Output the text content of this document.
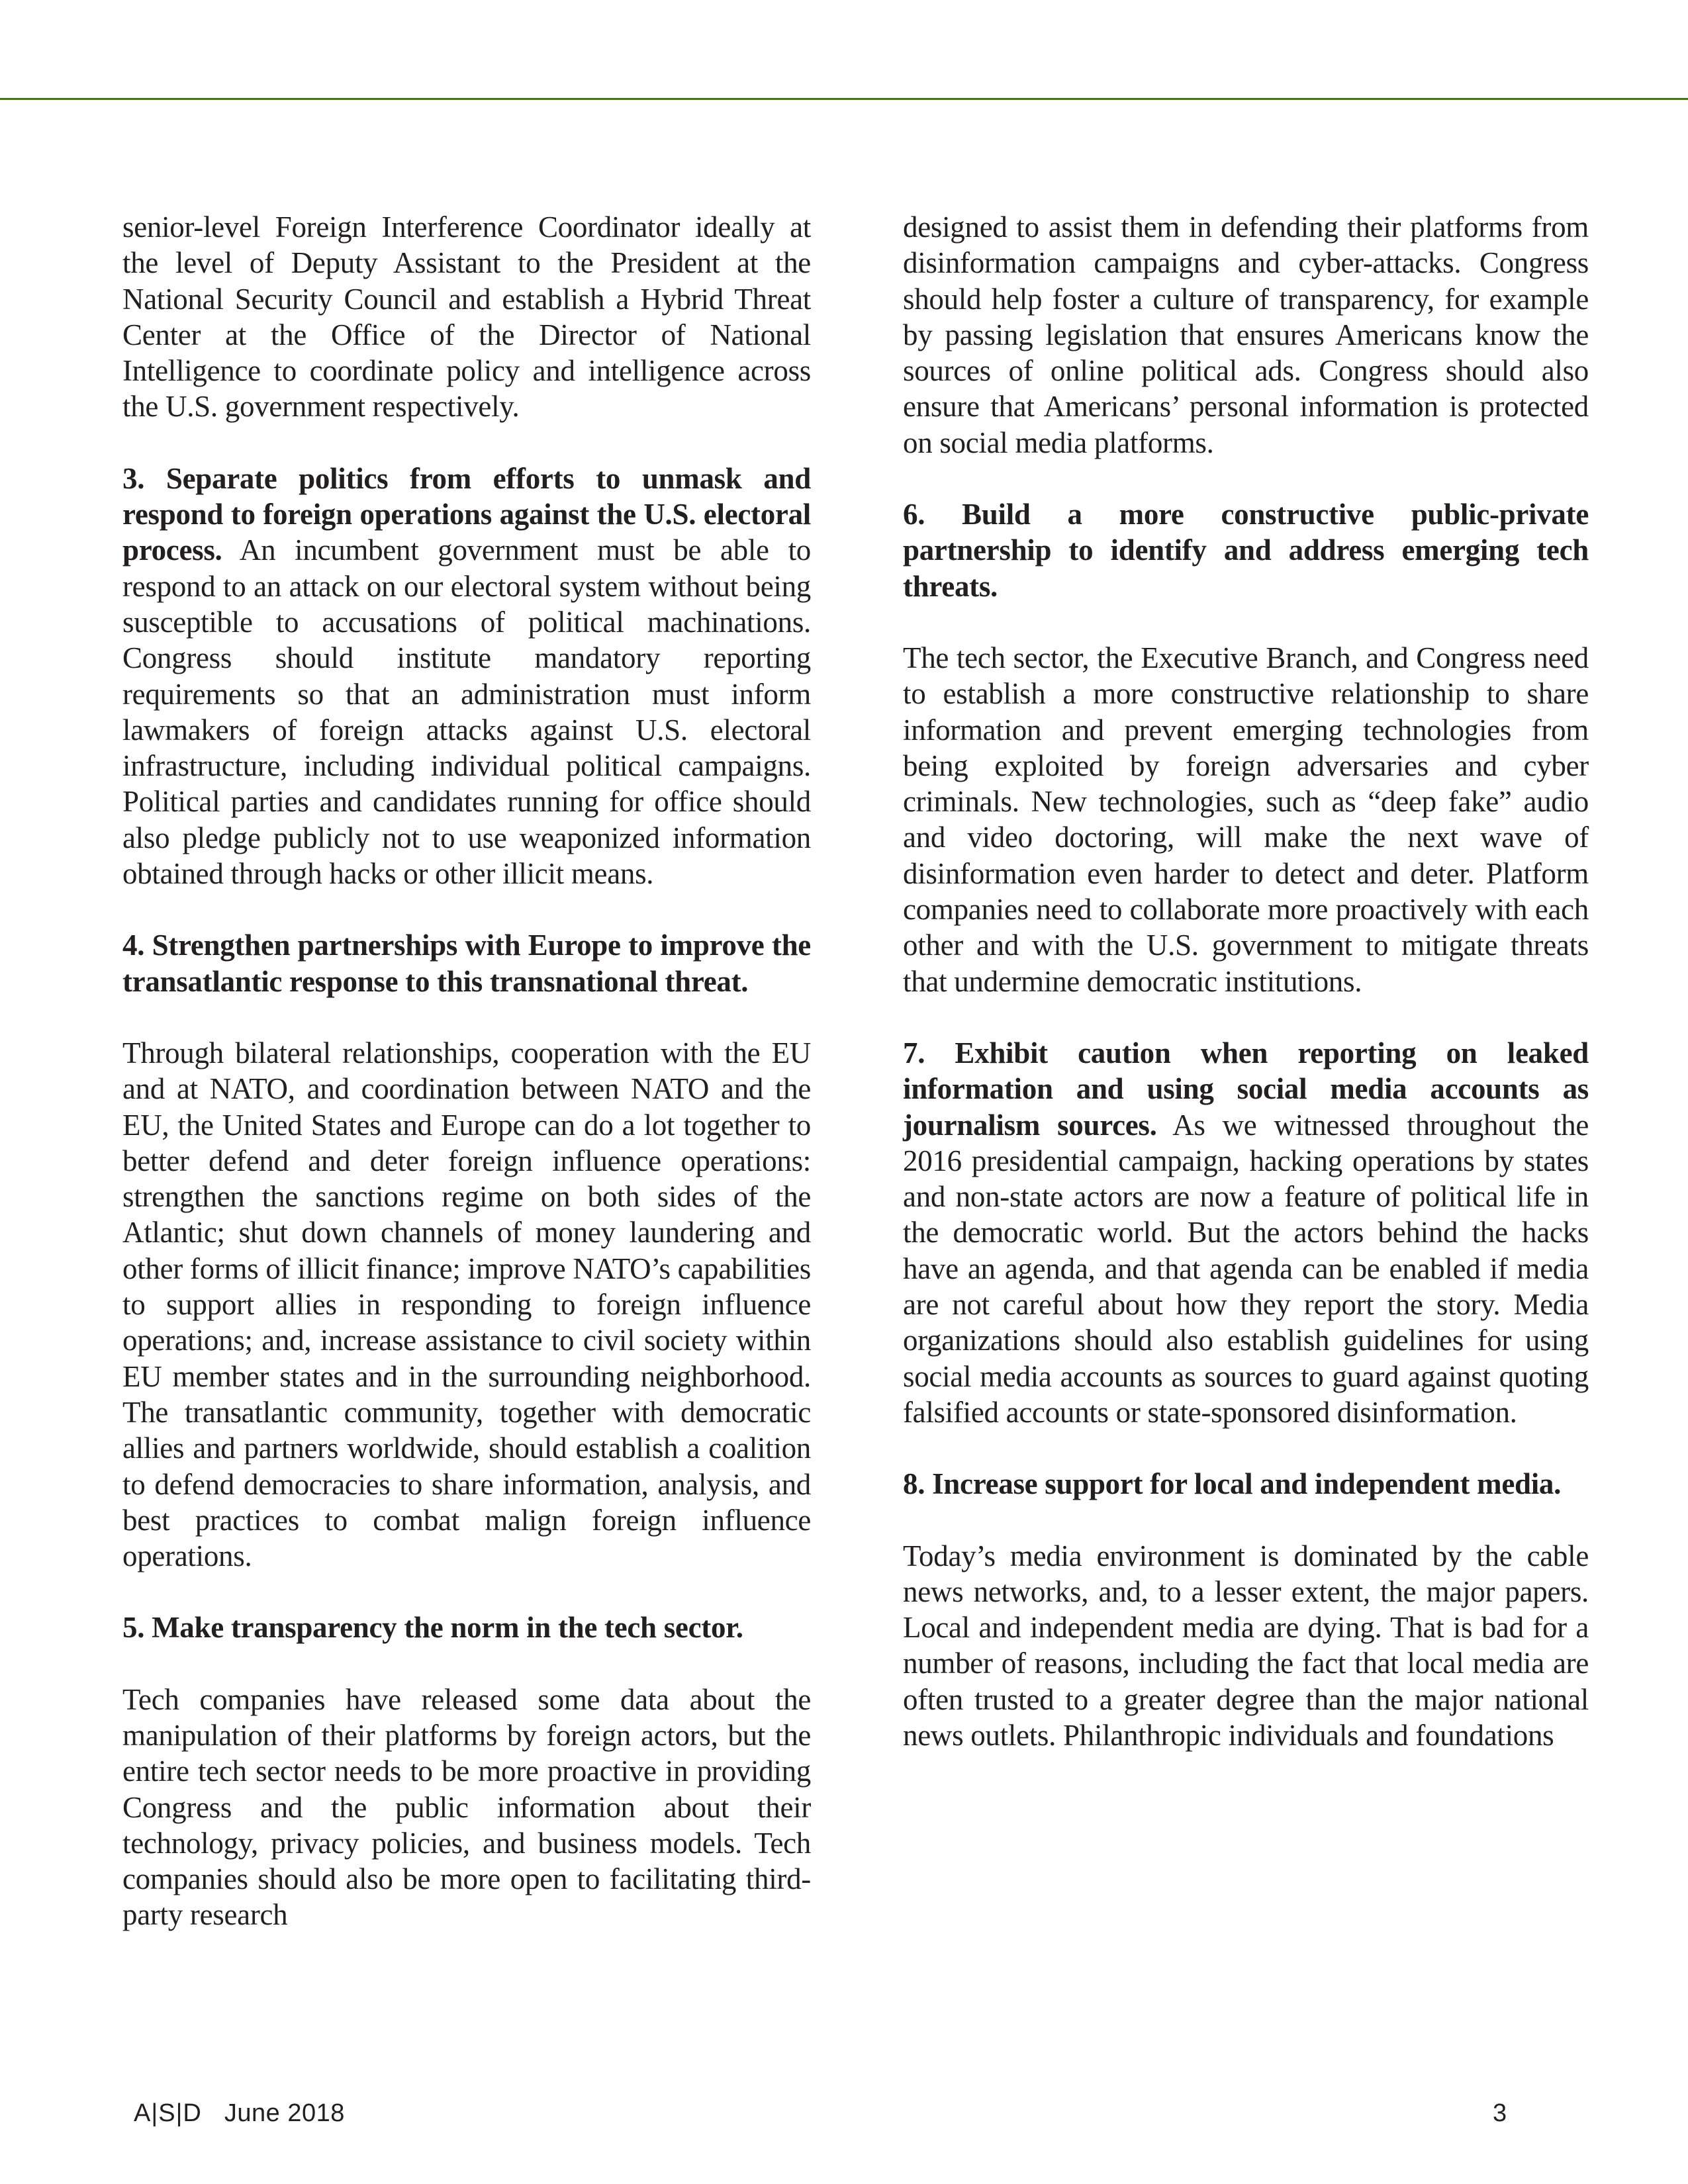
senior-level Foreign Interference Coordinator ideally at the level of Deputy Assistant to the President at the National Security Council and establish a Hybrid Threat Center at the Office of the Director of National Intelligence to coordinate policy and intelligence across the U.S. government respectively.

3. Separate politics from efforts to unmask and respond to foreign operations against the U.S. electoral process. An incumbent government must be able to respond to an attack on our electoral system without being susceptible to accusations of political machinations. Congress should institute mandatory reporting requirements so that an administration must inform lawmakers of foreign attacks against U.S. electoral infrastructure, including individual political campaigns. Political parties and candidates running for office should also pledge publicly not to use weaponized information obtained through hacks or other illicit means.

4. Strengthen partnerships with Europe to improve the transatlantic response to this transnational threat.

Through bilateral relationships, cooperation with the EU and at NATO, and coordination between NATO and the EU, the United States and Europe can do a lot together to better defend and deter foreign influence operations: strengthen the sanctions regime on both sides of the Atlantic; shut down channels of money laundering and other forms of illicit finance; improve NATO’s capabilities to support allies in responding to foreign influence operations; and, increase assistance to civil society within EU member states and in the surrounding neighborhood. The transatlantic community, together with democratic allies and partners worldwide, should establish a coalition to defend democracies to share information, analysis, and best practices to combat malign foreign influence operations.

5. Make transparency the norm in the tech sector.

Tech companies have released some data about the manipulation of their platforms by foreign actors, but the entire tech sector needs to be more proactive in providing Congress and the public information about their technology, privacy policies, and business models. Tech companies should also be more open to facilitating third-party research

designed to assist them in defending their platforms from disinformation campaigns and cyber-attacks. Congress should help foster a culture of transparency, for example by passing legislation that ensures Americans know the sources of online political ads. Congress should also ensure that Americans’ personal information is protected on social media platforms.

6. Build a more constructive public-private partnership to identify and address emerging tech threats.

The tech sector, the Executive Branch, and Congress need to establish a more constructive relationship to share information and prevent emerging technologies from being exploited by foreign adversaries and cyber criminals. New technologies, such as “deep fake” audio and video doctoring, will make the next wave of disinformation even harder to detect and deter. Platform companies need to collaborate more proactively with each other and with the U.S. government to mitigate threats that undermine democratic institutions.

7. Exhibit caution when reporting on leaked information and using social media accounts as journalism sources. As we witnessed throughout the 2016 presidential campaign, hacking operations by states and non-state actors are now a feature of political life in the democratic world. But the actors behind the hacks have an agenda, and that agenda can be enabled if media are not careful about how they report the story. Media organizations should also establish guidelines for using social media accounts as sources to guard against quoting falsified accounts or state-sponsored disinformation.

8. Increase support for local and independent media.

Today’s media environment is dominated by the cable news networks, and, to a lesser extent, the major papers. Local and independent media are dying. That is bad for a number of reasons, including the fact that local media are often trusted to a greater degree than the major national news outlets. Philanthropic individuals and foundations

A|S|D June 2018	3
